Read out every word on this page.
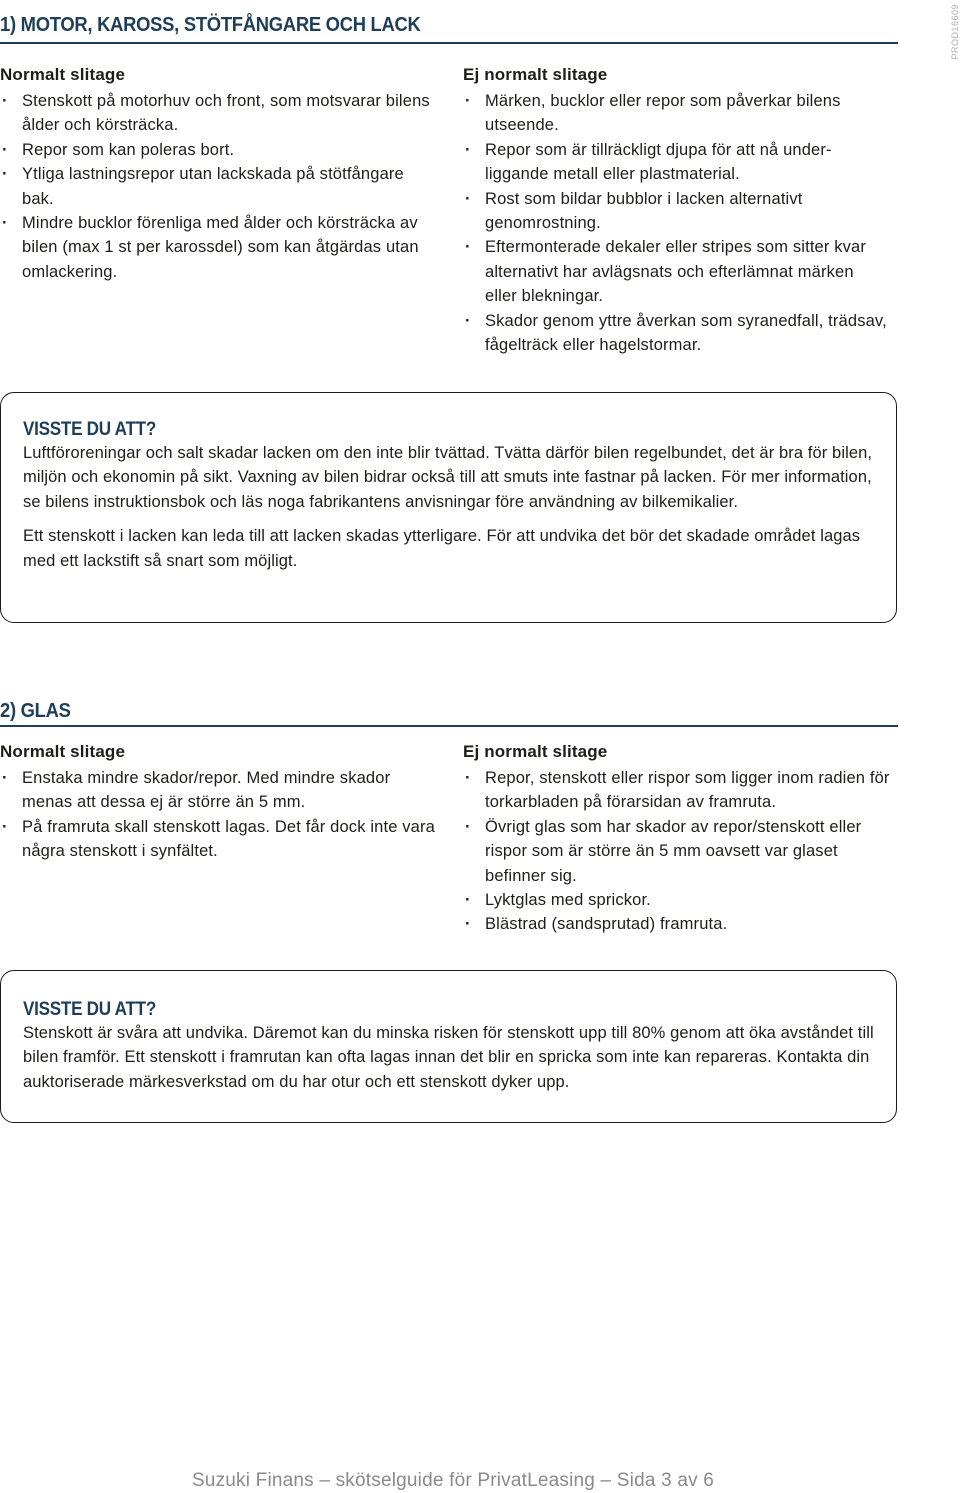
PROD16609
1) MOTOR, KAROSS, STÖTFÅNGARE OCH LACK
Normalt slitage
· Stenskott på motorhuv och front, som motsvarar bilens ålder och körsträcka.
· Repor som kan poleras bort.
· Ytliga lastningsrepor utan lackskada på stötfångare bak.
· Mindre bucklor förenliga med ålder och körsträcka av bilen (max 1 st per karossdel) som kan åtgärdas utan omlackering.
Ej normalt slitage
· Märken, bucklor eller repor som påverkar bilens utseende.
· Repor som är tillräckligt djupa för att nå under-liggande metall eller plastmaterial.
· Rost som bildar bubblor i lacken alternativt genomrostning.
· Eftermonterade dekaler eller stripes som sitter kvar alternativt har avlägsnats och efterlämnat märken eller blekningar.
· Skador genom yttre åverkan som syranedfall, trädsav, fågelträck eller hagelstormar.
VISSTE DU ATT?

Luftföroreningar och salt skadar lacken om den inte blir tvättad. Tvätta därför bilen regelbundet, det är bra för bilen, miljön och ekonomin på sikt. Vaxning av bilen bidrar också till att smuts inte fastnar på lacken. För mer information, se bilens instruktionsbok och läs noga fabrikantens anvisningar före användning av bilkemikalier.

Ett stenskott i lacken kan leda till att lacken skadas ytterligare. För att undvika det bör det skadade området lagas med ett lackstift så snart som möjligt.

2) GLAS
Normalt slitage
· Enstaka mindre skador/repor. Med mindre skador menas att dessa ej är större än 5 mm.
· På framruta skall stenskott lagas. Det får dock inte vara några stenskott i synfältet.
Ej normalt slitage
· Repor, stenskott eller rispor som ligger inom radien för torkarbladen på förarsidan av framruta.
· Övrigt glas som har skador av repor/stenskott eller rispor som är större än 5 mm oavsett var glaset befinner sig.
· Lyktglas med sprickor.
· Blästrad (sandsprutad) framruta.
VISSTE DU ATT?

Stenskott är svåra att undvika. Däremot kan du minska risken för stenskott upp till 80% genom att öka avståndet till bilen framför. Ett stenskott i framrutan kan ofta lagas innan det blir en spricka som inte kan repareras. Kontakta din auktoriserade märkesverkstad om du har otur och ett stenskott dyker upp.

Suzuki Finans – skötselguide för PrivatLeasing – Sida 3 av 6
